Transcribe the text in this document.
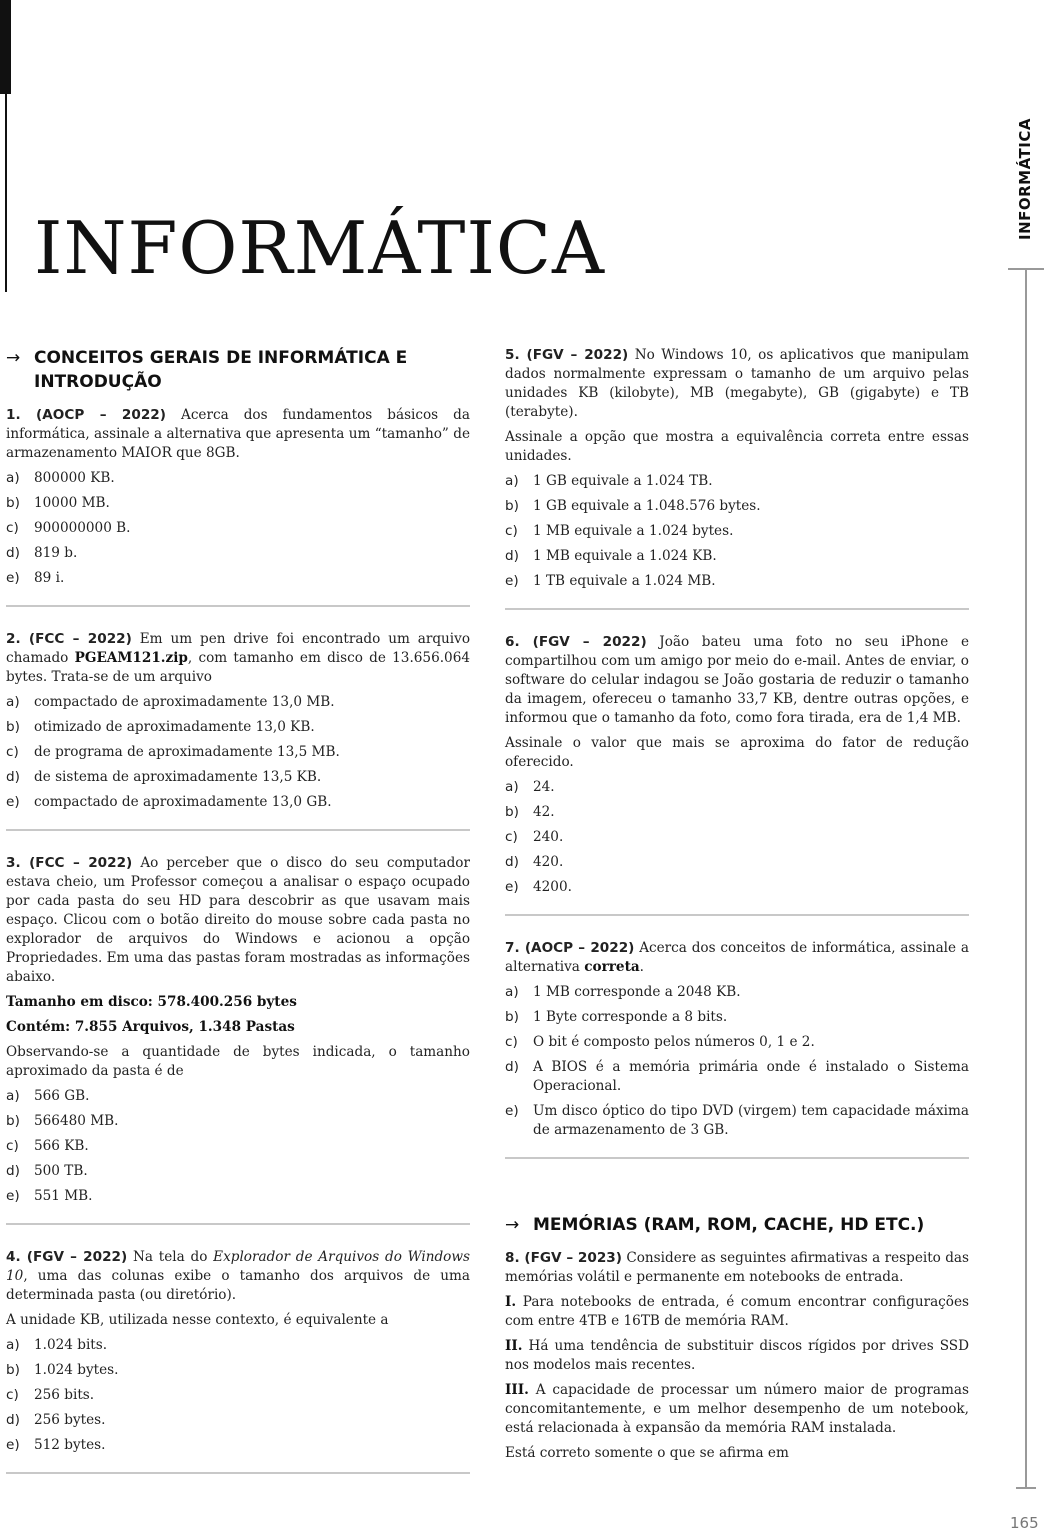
INFORMÁTICA
INFORMÁTICA
165
→ CONCEITOS GERAIS DE INFORMÁTICA E INTRODUÇÃO

1. (AOCP – 2022) Acerca dos fundamentos básicos da informática, assinale a alternativa que apresenta um “tamanho” de armazenamento MAIOR que 8GB.

a)	800000 KB.
b)	10000 MB.
c)	900000000 B.
d)	819 b.
e)	89 i.

2. (FCC – 2022) Em um pen drive foi encontrado um arquivo chamado PGEAM121.zip, com tamanho em disco de 13.656.064 bytes. Trata-se de um arquivo

a)	compactado de aproximadamente 13,0 MB.
b)	otimizado de aproximadamente 13,0 KB.
c)	de programa de aproximadamente 13,5 MB.
d)	de sistema de aproximadamente 13,5 KB.
e)	compactado de aproximadamente 13,0 GB.

3. (FCC – 2022) Ao perceber que o disco do seu computador estava cheio, um Professor começou a analisar o espaço ocupado por cada pasta do seu HD para descobrir as que usavam mais espaço. Clicou com o botão direito do mouse sobre cada pasta no explorador de arquivos do Windows e acionou a opção Propriedades. Em uma das pastas foram mostradas as informações abaixo.

Tamanho em disco: 578.400.256 bytes

Contém: 7.855 Arquivos, 1.348 Pastas

Observando-se a quantidade de bytes indicada, o tamanho aproximado da pasta é de

a)	566 GB.
b)	566480 MB.
c)	566 KB.
d)	500 TB.
e)	551 MB.

4. (FGV – 2022) Na tela do Explorador de Arquivos do Windows 10, uma das colunas exibe o tamanho dos arquivos de uma determinada pasta (ou diretório).

A unidade KB, utilizada nesse contexto, é equivalente a

a)	1.024 bits.
b)	1.024 bytes.
c)	256 bits.
d)	256 bytes.
e)	512 bytes.

5. (FGV – 2022) No Windows 10, os aplicativos que manipulam dados normalmente expressam o tamanho de um arquivo pelas unidades KB (kilobyte), MB (megabyte), GB (gigabyte) e TB (terabyte).

Assinale a opção que mostra a equivalência correta entre essas unidades.

a)	1 GB equivale a 1.024 TB.
b)	1 GB equivale a 1.048.576 bytes.
c)	1 MB equivale a 1.024 bytes.
d)	1 MB equivale a 1.024 KB.
e)	1 TB equivale a 1.024 MB.

6. (FGV – 2022) João bateu uma foto no seu iPhone e compartilhou com um amigo por meio do e-mail. Antes de enviar, o software do celular indagou se João gostaria de reduzir o tamanho da imagem, ofereceu o tamanho 33,7 KB, dentre outras opções, e informou que o tamanho da foto, como fora tirada, era de 1,4 MB.

Assinale o valor que mais se aproxima do fator de redução oferecido.

a)	24.
b)	42.
c)	240.
d)	420.
e)	4200.

7. (AOCP – 2022) Acerca dos conceitos de informática, assinale a alternativa correta.

a)	1 MB corresponde a 2048 KB.
b)	1 Byte corresponde a 8 bits.
c)	O bit é composto pelos números 0, 1 e 2.
d)	A BIOS é a memória primária onde é instalado o Sistema Operacional.
e)	Um disco óptico do tipo DVD (virgem) tem capacidade máxima de armazenamento de 3 GB.
→ MEMÓRIAS (RAM, ROM, CACHE, HD ETC.)

8. (FGV – 2023) Considere as seguintes afirmativas a respeito das memórias volátil e permanente em notebooks de entrada.

I. Para notebooks de entrada, é comum encontrar configurações com entre 4TB e 16TB de memória RAM.

II. Há uma tendência de substituir discos rígidos por drives SSD nos modelos mais recentes.

III. A capacidade de processar um número maior de programas concomitantemente, e um melhor desempenho de um notebook, está relacionada à expansão da memória RAM instalada.

Está correto somente o que se afirma em
